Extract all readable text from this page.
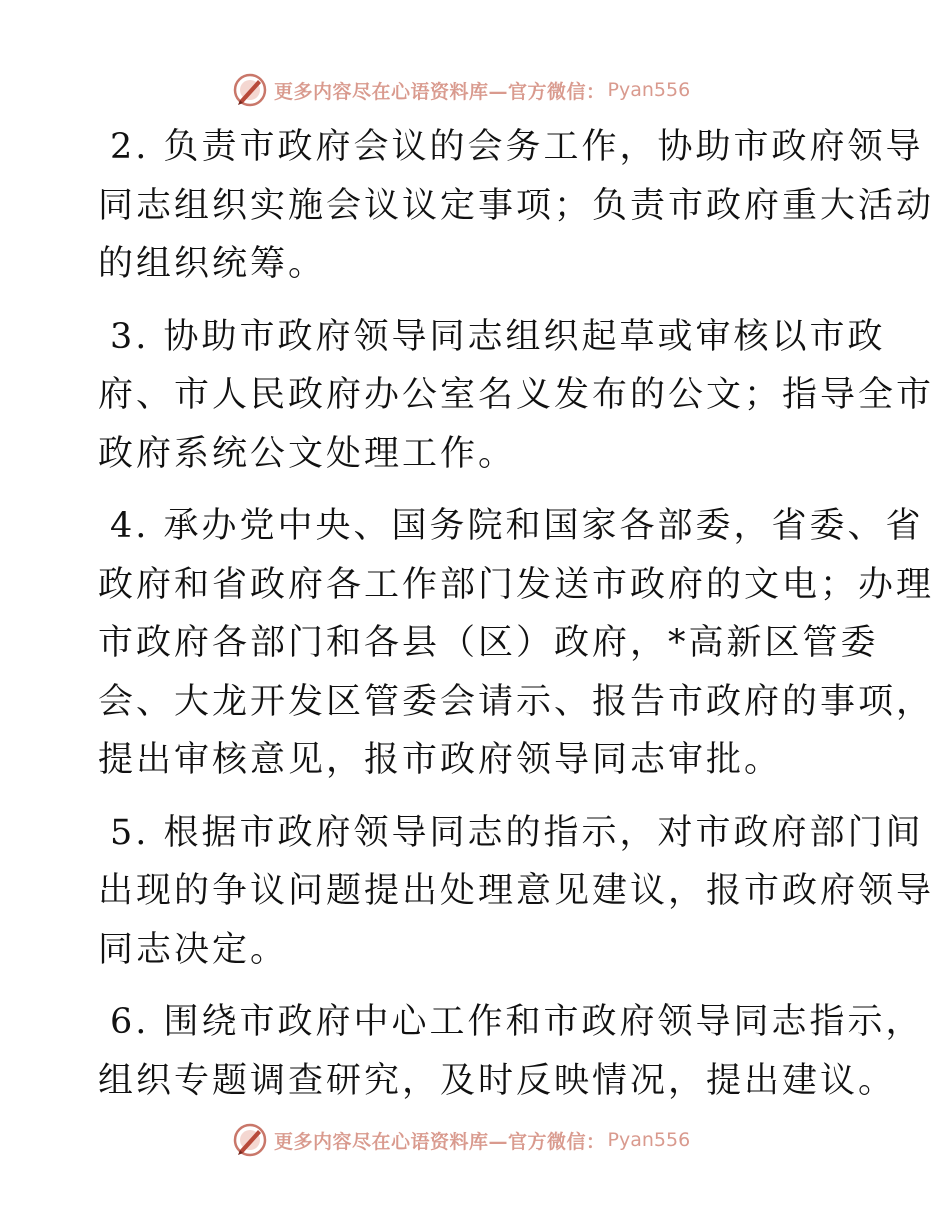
更多内容尽在心语资料库—官方微信： Pyan556

2. 负责市政府会议的会务工作，协助市政府领导
同志组织实施会议议定事项；负责市政府重大活动
的组织统筹。

3. 协助市政府领导同志组织起草或审核以市政
府、市人民政府办公室名义发布的公文；指导全市
政府系统公文处理工作。

4. 承办党中央、国务院和国家各部委，省委、省
政府和省政府各工作部门发送市政府的文电；办理
市政府各部门和各县（区）政府，*高新区管委
会、大龙开发区管委会请示、报告市政府的事项，
提出审核意见，报市政府领导同志审批。

5. 根据市政府领导同志的指示，对市政府部门间
出现的争议问题提出处理意见建议，报市政府领导
同志决定。

6. 围绕市政府中心工作和市政府领导同志指示，
组织专题调查研究，及时反映情况，提出建议。

更多内容尽在心语资料库—官方微信： Pyan556
